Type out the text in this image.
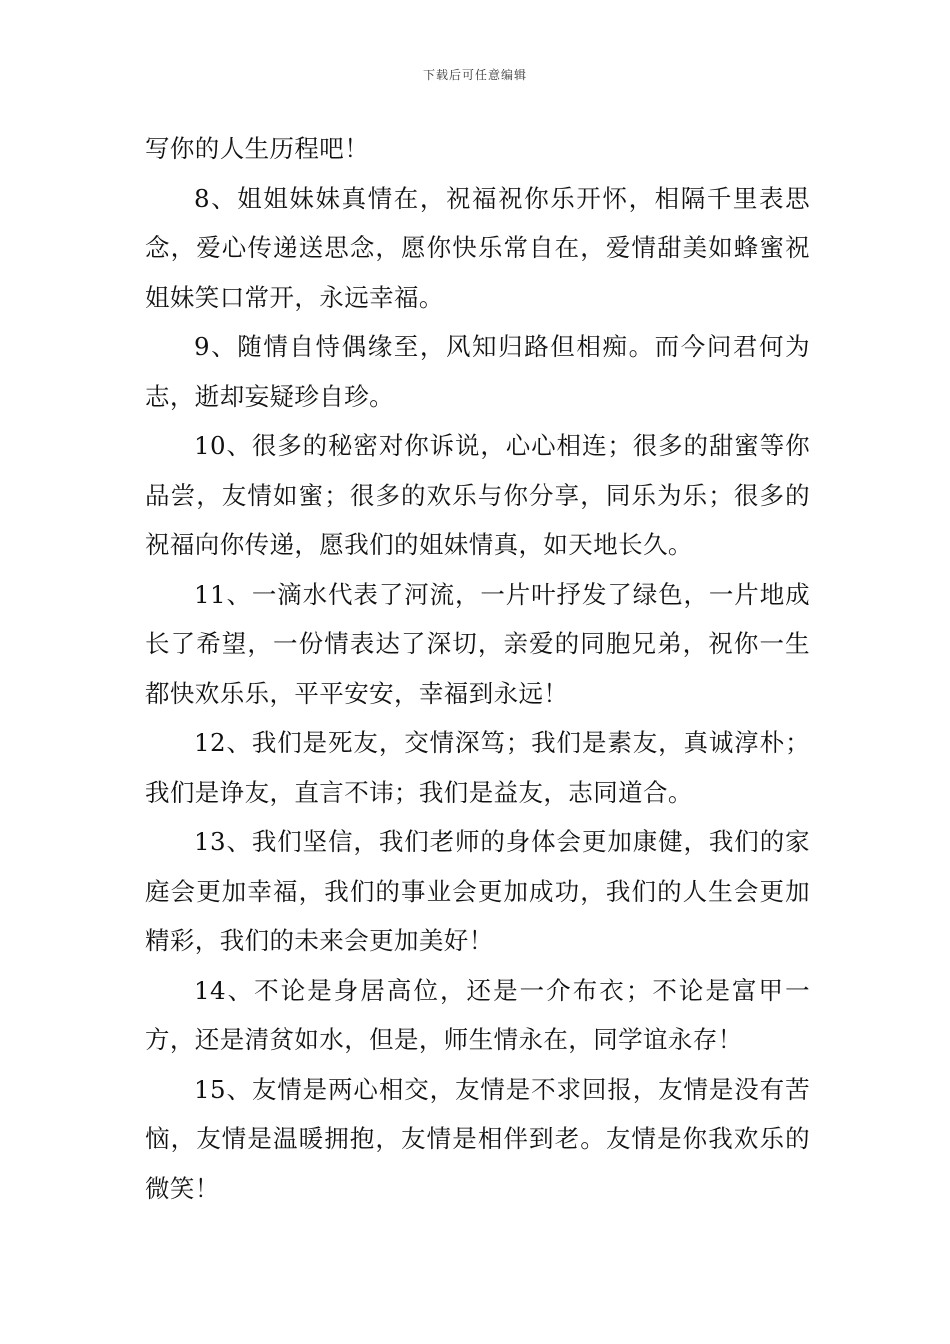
下载后可任意编辑

写你的人生历程吧！

8、姐姐妹妹真情在，祝福祝你乐开怀，相隔千里表思念，爱心传递送思念，愿你快乐常自在，爱情甜美如蜂蜜祝姐妹笑口常开，永远幸福。

9、随情自恃偶缘至，风知归路但相痴。而今问君何为志，逝却妄疑珍自珍。

10、很多的秘密对你诉说，心心相连；很多的甜蜜等你品尝，友情如蜜；很多的欢乐与你分享，同乐为乐；很多的祝福向你传递，愿我们的姐妹情真，如天地长久。

11、一滴水代表了河流，一片叶抒发了绿色，一片地成长了希望，一份情表达了深切，亲爱的同胞兄弟，祝你一生都快欢乐乐，平平安安，幸福到永远！

12、我们是死友，交情深笃；我们是素友，真诚淳朴；我们是诤友，直言不讳；我们是益友，志同道合。

13、我们坚信，我们老师的身体会更加康健，我们的家庭会更加幸福，我们的事业会更加成功，我们的人生会更加精彩，我们的未来会更加美好！

14、不论是身居高位，还是一介布衣；不论是富甲一方，还是清贫如水，但是，师生情永在，同学谊永存！

15、友情是两心相交，友情是不求回报，友情是没有苦恼，友情是温暖拥抱，友情是相伴到老。友情是你我欢乐的微笑！
